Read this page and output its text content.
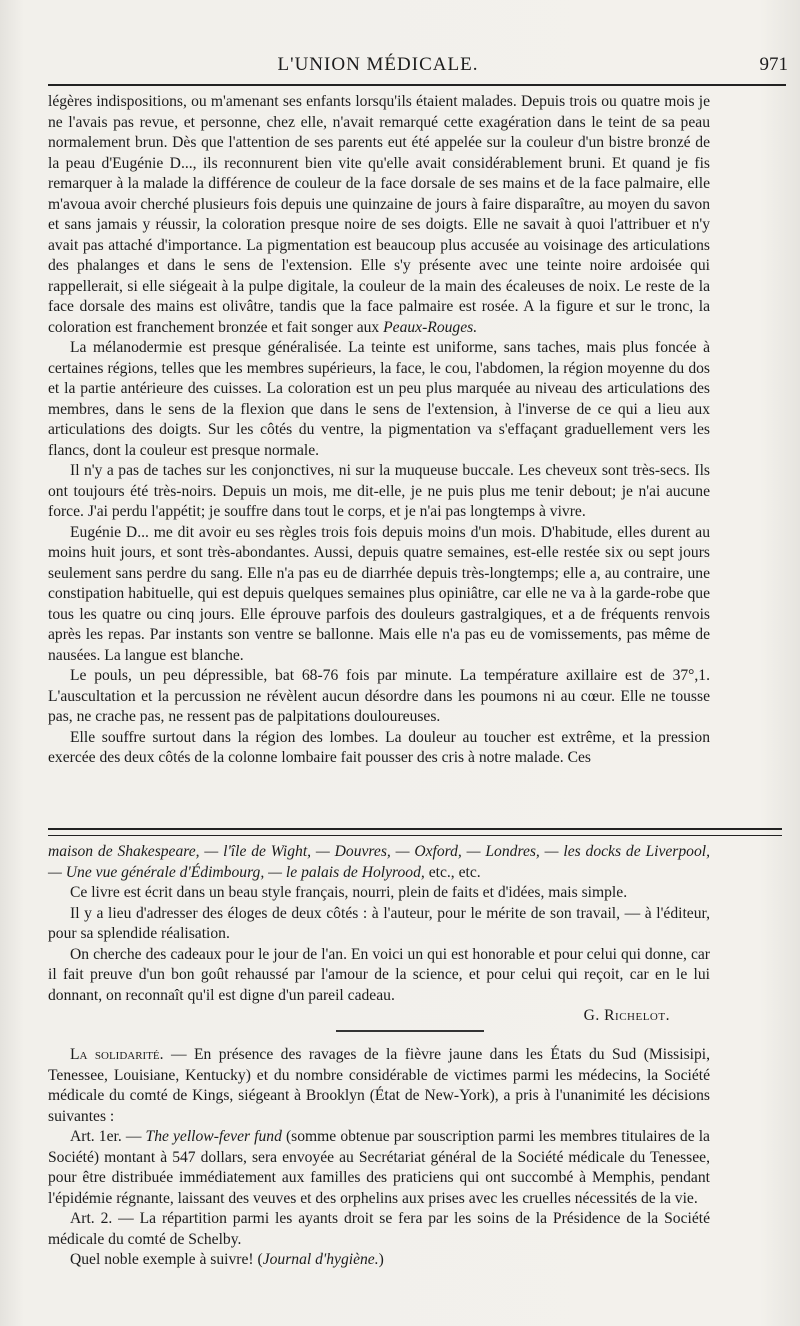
L'UNION MÉDICALE.	971

légères indispositions, ou m'amenant ses enfants lorsqu'ils étaient malades. Depuis trois ou quatre mois je ne l'avais pas revue, et personne, chez elle, n'avait remarqué cette exagération dans le teint de sa peau normalement brun. Dès que l'attention de ses parents eut été appelée sur la couleur d'un bistre bronzé de la peau d'Eugénie D..., ils reconnurent bien vite qu'elle avait considérablement bruni. Et quand je fis remarquer à la malade la différence de couleur de la face dorsale de ses mains et de la face palmaire, elle m'avoua avoir cherché plusieurs fois depuis une quinzaine de jours à faire disparaître, au moyen du savon et sans jamais y réussir, la coloration presque noire de ses doigts. Elle ne savait à quoi l'attribuer et n'y avait pas attaché d'importance. La pigmentation est beaucoup plus accusée au voisinage des articulations des phalanges et dans le sens de l'extension. Elle s'y présente avec une teinte noire ardoisée qui rappellerait, si elle siégeait à la pulpe digitale, la couleur de la main des écaleuses de noix. Le reste de la face dorsale des mains est olivâtre, tandis que la face palmaire est rosée. A la figure et sur le tronc, la coloration est franchement bronzée et fait songer aux Peaux-Rouges.

La mélanodermie est presque généralisée. La teinte est uniforme, sans taches, mais plus foncée à certaines régions, telles que les membres supérieurs, la face, le cou, l'abdomen, la région moyenne du dos et la partie antérieure des cuisses. La coloration est un peu plus marquée au niveau des articulations des membres, dans le sens de la flexion que dans le sens de l'extension, à l'inverse de ce qui a lieu aux articulations des doigts. Sur les côtés du ventre, la pigmentation va s'effaçant graduellement vers les flancs, dont la couleur est presque normale.

Il n'y a pas de taches sur les conjonctives, ni sur la muqueuse buccale. Les cheveux sont très-secs. Ils ont toujours été très-noirs. Depuis un mois, me dit-elle, je ne puis plus me tenir debout; je n'ai aucune force. J'ai perdu l'appétit; je souffre dans tout le corps, et je n'ai pas longtemps à vivre.

Eugénie D... me dit avoir eu ses règles trois fois depuis moins d'un mois. D'habitude, elles durent au moins huit jours, et sont très-abondantes. Aussi, depuis quatre semaines, est-elle restée six ou sept jours seulement sans perdre du sang. Elle n'a pas eu de diarrhée depuis très-longtemps; elle a, au contraire, une constipation habituelle, qui est depuis quelques semaines plus opiniâtre, car elle ne va à la garde-robe que tous les quatre ou cinq jours. Elle éprouve parfois des douleurs gastralgiques, et a de fréquents renvois après les repas. Par instants son ventre se ballonne. Mais elle n'a pas eu de vomissements, pas même de nausées. La langue est blanche.

Le pouls, un peu dépressible, bat 68-76 fois par minute. La température axillaire est de 37°,1. L'auscultation et la percussion ne révèlent aucun désordre dans les poumons ni au cœur. Elle ne tousse pas, ne crache pas, ne ressent pas de palpitations douloureuses.

Elle souffre surtout dans la région des lombes. La douleur au toucher est extrême, et la pression exercée des deux côtés de la colonne lombaire fait pousser des cris à notre malade. Ces

maison de Shakespeare, — l'île de Wight, — Douvres, — Oxford, — Londres, — les docks de Liverpool, — Une vue générale d'Édimbourg, — le palais de Holyrood, etc., etc.

Ce livre est écrit dans un beau style français, nourri, plein de faits et d'idées, mais simple.

Il y a lieu d'adresser des éloges de deux côtés : à l'auteur, pour le mérite de son travail, — à l'éditeur, pour sa splendide réalisation.

On cherche des cadeaux pour le jour de l'an. En voici un qui est honorable et pour celui qui donne, car il fait preuve d'un bon goût rehaussé par l'amour de la science, et pour celui qui reçoit, car en le lui donnant, on reconnaît qu'il est digne d'un pareil cadeau.

G. Richelot.

La solidarité. — En présence des ravages de la fièvre jaune dans les États du Sud (Missisipi, Tenessee, Louisiane, Kentucky) et du nombre considérable de victimes parmi les médecins, la Société médicale du comté de Kings, siégeant à Brooklyn (État de New-York), a pris à l'unanimité les décisions suivantes :

Art. 1er. — The yellow-fever fund (somme obtenue par souscription parmi les membres titulaires de la Société) montant à 547 dollars, sera envoyée au Secrétariat général de la Société médicale du Tenessee, pour être distribuée immédiatement aux familles des praticiens qui ont succombé à Memphis, pendant l'épidémie régnante, laissant des veuves et des orphelins aux prises avec les cruelles nécessités de la vie.

Art. 2. — La répartition parmi les ayants droit se fera par les soins de la Présidence de la Société médicale du comté de Schelby.

Quel noble exemple à suivre! (Journal d'hygiène.)
